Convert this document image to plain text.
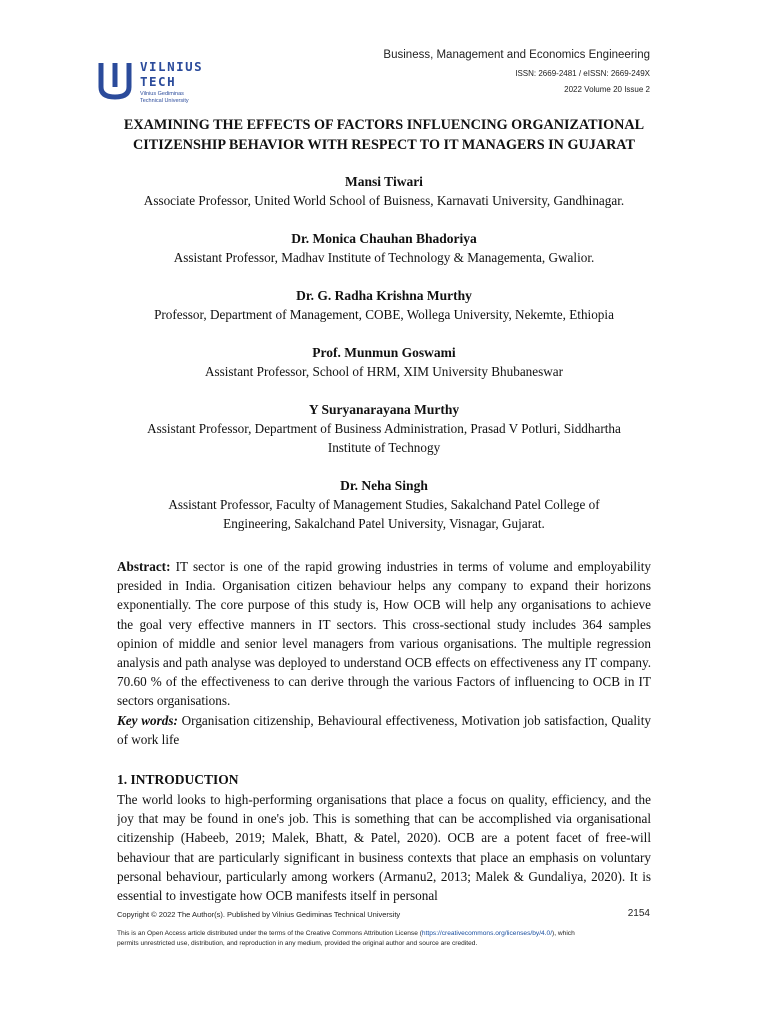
VILNIUS
TECH
Vilnius Gediminas
Technical University
Business, Management and Economics Engineering
ISSN: 2669-2481 / eISSN: 2669-249X
2022 Volume 20 Issue 2
EXAMINING THE EFFECTS OF FACTORS INFLUENCING ORGANIZATIONAL
CITIZENSHIP BEHAVIOR WITH RESPECT TO IT MANAGERS IN GUJARAT
Mansi Tiwari
Associate Professor, United World School of Buisness, Karnavati University, Gandhinagar.
Dr. Monica Chauhan Bhadoriya
Assistant Professor, Madhav Institute of Technology & Managementa, Gwalior.
Dr. G. Radha Krishna Murthy
Professor, Department of Management, COBE, Wollega University, Nekemte, Ethiopia
Prof. Munmun Goswami
Assistant Professor, School of HRM, XIM University Bhubaneswar
Y Suryanarayana Murthy
Assistant Professor, Department of Business Administration, Prasad V Potluri, Siddhartha
Institute of Technogy
Dr. Neha Singh
Assistant Professor, Faculty of Management Studies, Sakalchand Patel College of
Engineering, Sakalchand Patel University, Visnagar, Gujarat.

Abstract: IT sector is one of the rapid growing industries in terms of volume and employability presided in India. Organisation citizen behaviour helps any company to expand their horizons exponentially. The core purpose of this study is, How OCB will help any organisations to achieve the goal very effective manners in IT sectors. This cross-sectional study includes 364 samples opinion of middle and senior level managers from various organisations. The multiple regression analysis and path analyse was deployed to understand OCB effects on effectiveness any IT company. 70.60 % of the effectiveness to can derive through the various Factors of influencing to OCB in IT sectors organisations.

Key words: Organisation citizenship, Behavioural effectiveness, Motivation job satisfaction, Quality of work life

1. INTRODUCTION

The world looks to high-performing organisations that place a focus on quality, efficiency, and the joy that may be found in one's job. This is something that can be accomplished via organisational citizenship (Habeeb, 2019; Malek, Bhatt, & Patel, 2020). OCB are a potent facet of free-will behaviour that are particularly significant in business contexts that place an emphasis on voluntary personal behaviour, particularly among workers (Armanu2, 2013; Malek & Gundaliya, 2020). It is essential to investigate how OCB manifests itself in personal

Copyright © 2022 The Author(s). Published by Vilnius Gediminas Technical University	2154
This is an Open Access article distributed under the terms of the Creative Commons Attribution License (https://creativecommons.org/licenses/by/4.0/), which permits unrestricted use, distribution, and reproduction in any medium, provided the original author and source are credited.
